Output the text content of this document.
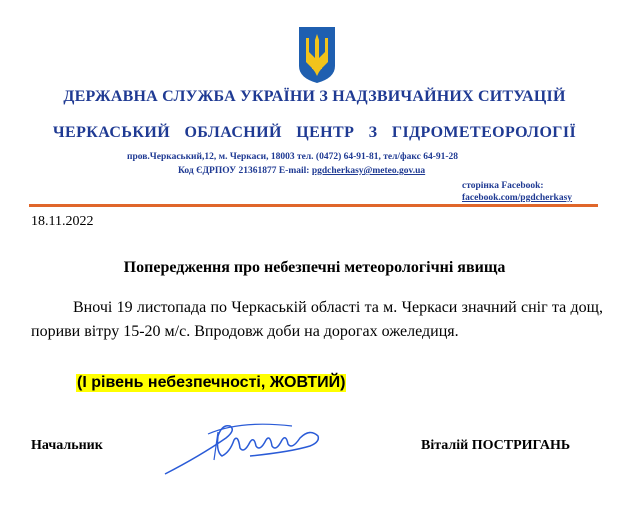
ДЕРЖАВНА СЛУЖБА УКРАЇНИ З НАДЗВИЧАЙНИХ СИТУАЦІЙ
ЧЕРКАСЬКИЙ ОБЛАСНИЙ ЦЕНТР З ГІДРОМЕТЕОРОЛОГІЇ
пров.Черкаський,12, м. Черкаси, 18003 тел. (0472) 64-91-81, тел/факс 64-91-28
Код ЄДРПОУ 21361877 E-mail: pgdcherkasy@meteo.gov.ua
сторінка Facebook:
facebook.com/pgdcherkasy
18.11.2022
Попередження про небезпечні метеорологічні явища
Вночі 19 листопада по Черкаській області та м. Черкаси значний сніг та дощ, пориви вітру 15-20 м/с. Впродовж доби на дорогах ожеледиця.
(І рівень небезпечності, ЖОВТИЙ)
Начальник	Віталій ПОСТРИГАНЬ
